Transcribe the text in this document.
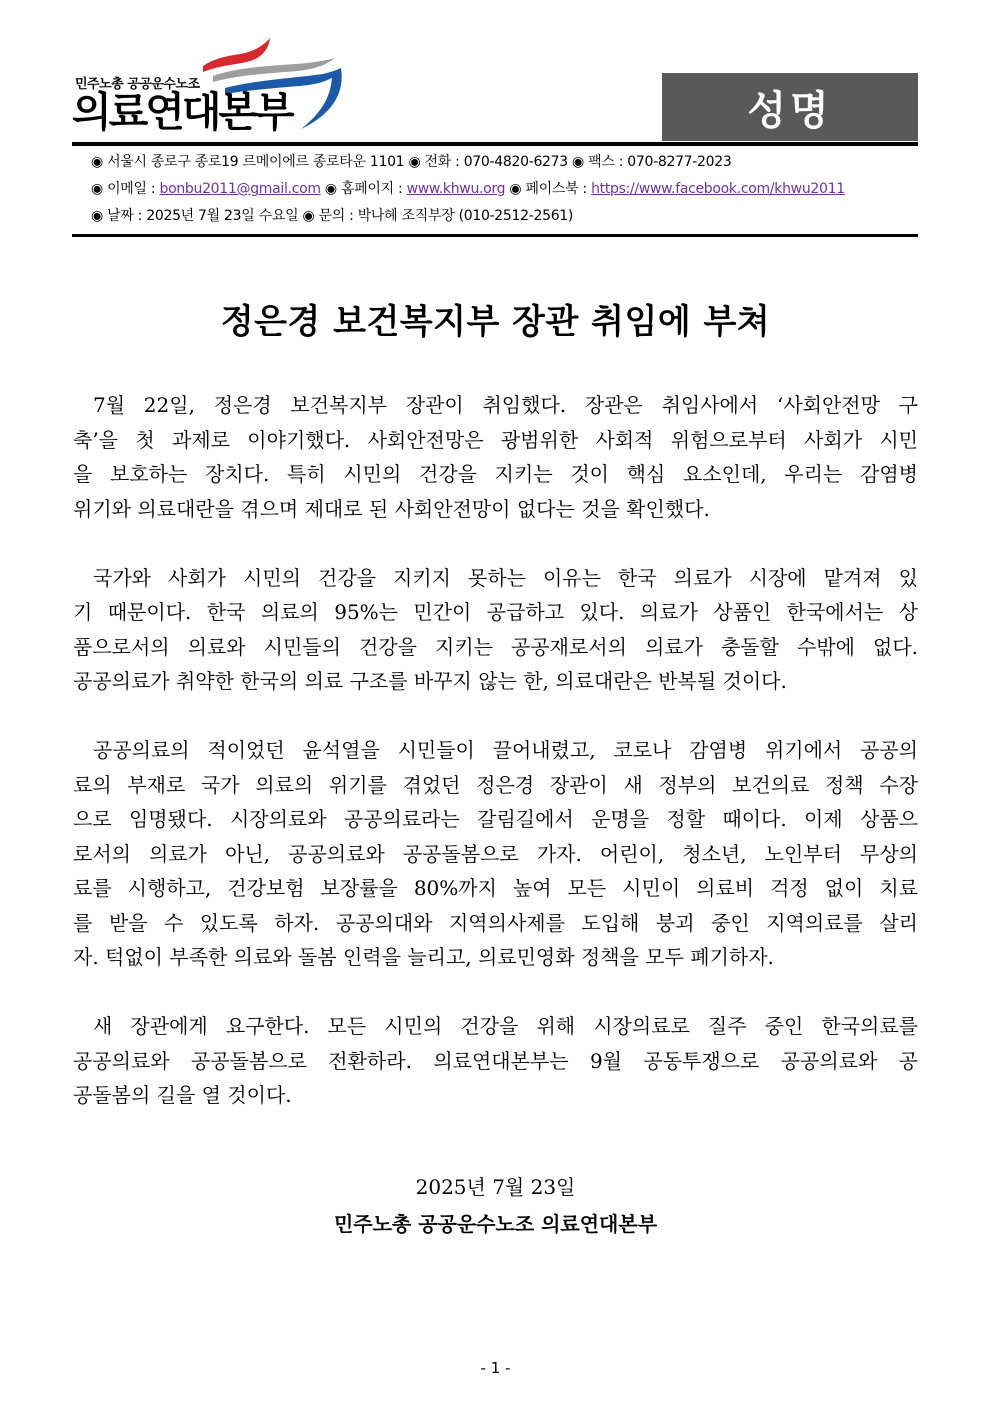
민주노총 공공운수노조
의료연대본부	성명
◉ 서울시 종로구 종로19 르메이에르 종로타운 1101 ◉ 전화 : 070-4820-6273 ◉ 팩스 : 070-8277-2023
◉ 이메일 : bonbu2011@gmail.com ◉ 홈페이지 : www.khwu.org ◉ 페이스북 : https://www.facebook.com/khwu2011
◉ 날짜 : 2025년 7월 23일 수요일 ◉ 문의 : 박나혜 조직부장 (010-2512-2561)
정은경 보건복지부 장관 취임에 부쳐
7월 22일, 정은경 보건복지부 장관이 취임했다. 장관은 취임사에서 ‘사회안전망 구
축’을 첫 과제로 이야기했다. 사회안전망은 광범위한 사회적 위험으로부터 사회가 시민
을 보호하는 장치다. 특히 시민의 건강을 지키는 것이 핵심 요소인데, 우리는 감염병
위기와 의료대란을 겪으며 제대로 된 사회안전망이 없다는 것을 확인했다.
국가와 사회가 시민의 건강을 지키지 못하는 이유는 한국 의료가 시장에 맡겨져 있
기 때문이다. 한국 의료의 95%는 민간이 공급하고 있다. 의료가 상품인 한국에서는 상
품으로서의 의료와 시민들의 건강을 지키는 공공재로서의 의료가 충돌할 수밖에 없다.
공공의료가 취약한 한국의 의료 구조를 바꾸지 않는 한, 의료대란은 반복될 것이다.
공공의료의 적이었던 윤석열을 시민들이 끌어내렸고, 코로나 감염병 위기에서 공공의
료의 부재로 국가 의료의 위기를 겪었던 정은경 장관이 새 정부의 보건의료 정책 수장
으로 임명됐다. 시장의료와 공공의료라는 갈림길에서 운명을 정할 때이다. 이제 상품으
로서의 의료가 아닌, 공공의료와 공공돌봄으로 가자. 어린이, 청소년, 노인부터 무상의
료를 시행하고, 건강보험 보장률을 80%까지 높여 모든 시민이 의료비 걱정 없이 치료
를 받을 수 있도록 하자. 공공의대와 지역의사제를 도입해 붕괴 중인 지역의료를 살리
자. 턱없이 부족한 의료와 돌봄 인력을 늘리고, 의료민영화 정책을 모두 폐기하자.
새 장관에게 요구한다. 모든 시민의 건강을 위해 시장의료로 질주 중인 한국의료를
공공의료와 공공돌봄으로 전환하라. 의료연대본부는 9월 공동투쟁으로 공공의료와 공
공돌봄의 길을 열 것이다.
2025년 7월 23일
민주노총 공공운수노조 의료연대본부
- 1 -
